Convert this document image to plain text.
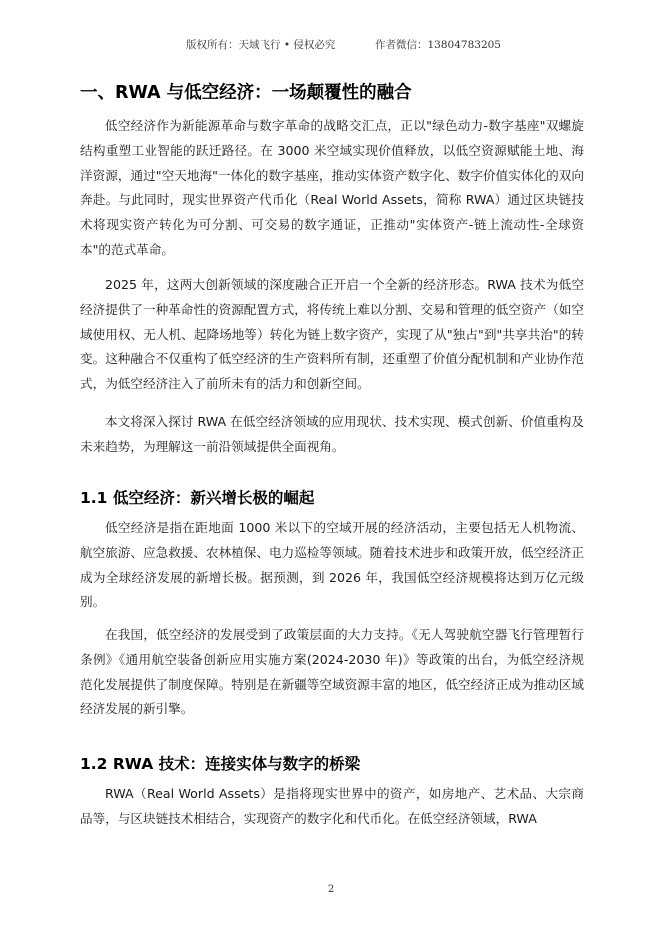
版权所有：天域飞行 • 侵权必究	作者微信：13804783205
一、RWA 与低空经济：一场颠覆性的融合

低空经济作为新能源革命与数字革命的战略交汇点，正以"绿色动力-数字基座"双螺旋结构重塑工业智能的跃迁路径。在 3000 米空域实现价值释放，以低空资源赋能土地、海洋资源，通过"空天地海"一体化的数字基座，推动实体资产数字化、数字价值实体化的双向奔赴。与此同时，现实世界资产代币化（Real World Assets，简称 RWA）通过区块链技术将现实资产转化为可分割、可交易的数字通证，正推动"实体资产-链上流动性-全球资本"的范式革命。

2025 年，这两大创新领域的深度融合正开启一个全新的经济形态。RWA 技术为低空经济提供了一种革命性的资源配置方式，将传统上难以分割、交易和管理的低空资产（如空域使用权、无人机、起降场地等）转化为链上数字资产，实现了从"独占"到"共享共治"的转变。这种融合不仅重构了低空经济的生产资料所有制，还重塑了价值分配机制和产业协作范式，为低空经济注入了前所未有的活力和创新空间。

本文将深入探讨 RWA 在低空经济领域的应用现状、技术实现、模式创新、价值重构及未来趋势，为理解这一前沿领域提供全面视角。

1.1 低空经济：新兴增长极的崛起

低空经济是指在距地面 1000 米以下的空域开展的经济活动，主要包括无人机物流、航空旅游、应急救援、农林植保、电力巡检等领域。随着技术进步和政策开放，低空经济正成为全球经济发展的新增长极。据预测，到 2026 年，我国低空经济规模将达到万亿元级别。

在我国，低空经济的发展受到了政策层面的大力支持。《无人驾驶航空器飞行管理暂行条例》《通用航空装备创新应用实施方案(2024-2030 年)》等政策的出台，为低空经济规范化发展提供了制度保障。特别是在新疆等空域资源丰富的地区，低空经济正成为推动区域经济发展的新引擎。

1.2 RWA 技术：连接实体与数字的桥梁

RWA（Real World Assets）是指将现实世界中的资产，如房地产、艺术品、大宗商品等，与区块链技术相结合，实现资产的数字化和代币化。在低空经济领域，RWA

2
